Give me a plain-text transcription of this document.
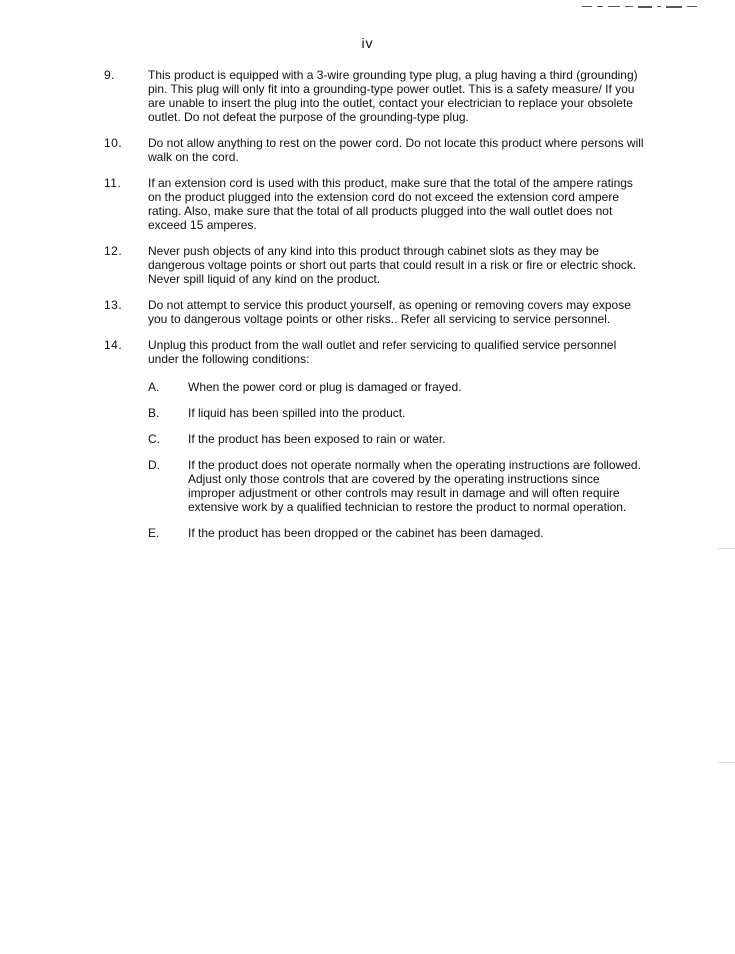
iv
9.	This product is equipped with a 3-wire grounding type plug, a plug having a third (grounding) pin. This plug will only fit into a grounding-type power outlet. This is a safety measure/ If you are unable to insert the plug into the outlet, contact your electrician to replace your obsolete outlet. Do not defeat the purpose of the grounding-type plug.

10.	Do not allow anything to rest on the power cord. Do not locate this product where persons will walk on the cord.

11.	If an extension cord is used with this product, make sure that the total of the ampere ratings on the product plugged into the extension cord do not exceed the extension cord ampere rating. Also, make sure that the total of all products plugged into the wall outlet does not exceed 15 amperes.

12.	Never push objects of any kind into this product through cabinet slots as they may be dangerous voltage points or short out parts that could result in a risk or fire or electric shock. Never spill liquid of any kind on the product.

13.	Do not attempt to service this product yourself, as opening or removing covers may expose you to dangerous voltage points or other risks.. Refer all servicing to service personnel.

14.	Unplug this product from the wall outlet and refer servicing to qualified service personnel under the following conditions:

A.	When the power cord or plug is damaged or frayed.

B.	If liquid has been spilled into the product.

C.	If the product has been exposed to rain or water.

D.	If the product does not operate normally when the operating instructions are followed. Adjust only those controls that are covered by the operating instructions since improper adjustment or other controls may result in damage and will often require extensive work by a qualified technician to restore the product to normal operation.

E.	If the product has been dropped or the cabinet has been damaged.
